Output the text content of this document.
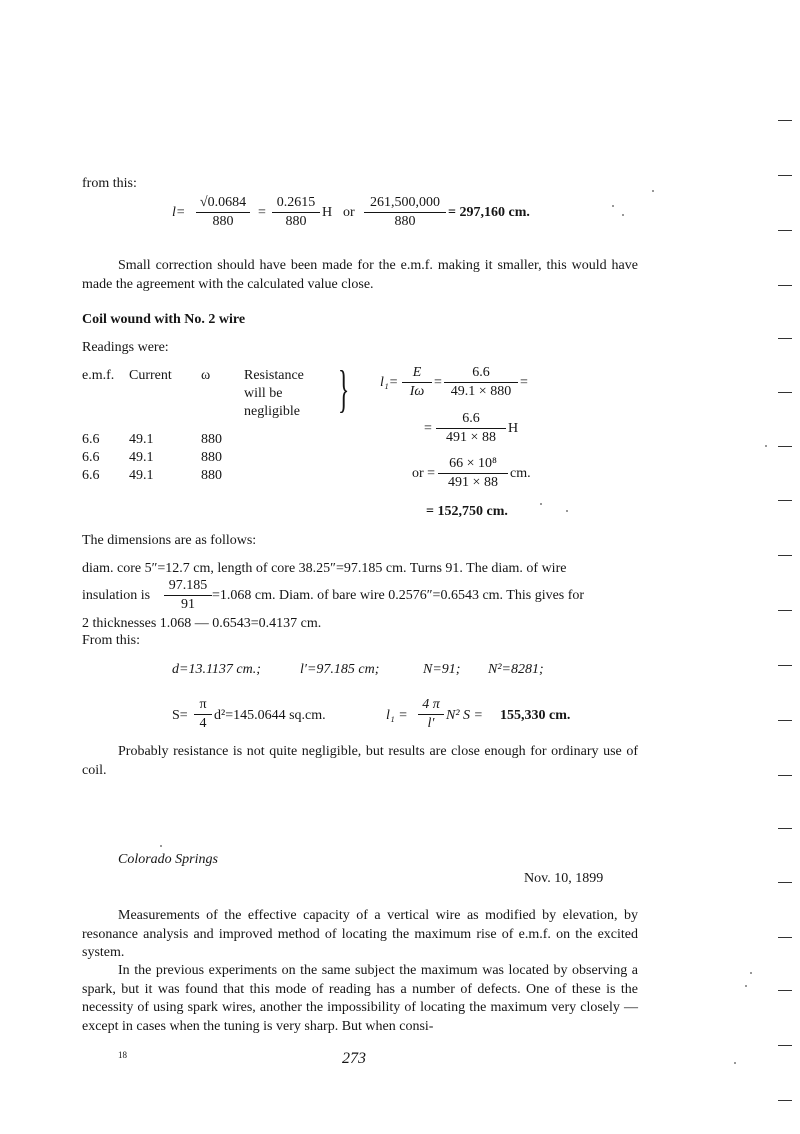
from this:
$l= \frac{√0.0684}{880} = \frac{0.2615}{880}$ H or $\frac{261,500,000}{880} = 297,160$ cm.
Small correction should have been made for the e.m.f. making it smaller, this would have made the agreement with the calculated value close.
Coil wound with No. 2 wire
Readings were:
e.m.f. Current ω Resistance
will be
negligible }
6.6 49.1	880
6.6 49.1	880
6.6 49.1	880
$l_1= \frac{E}{I\omega} = \frac{6.6}{49.1 \times 880}$ =
= $\frac{6.6}{491 \times 88}$ H
or = $\frac{\text{66 × 10⁸}}{491 \times 88}$ cm.
= 152,750 cm.
The dimensions are as follows:
diam. core 5″=12.7 cm, length of core 38.25″=97.185 cm. Turns 91. The diam. of wire
insulation is $\frac{97.185}{91} =1.068$ cm. Diam. of bare wire 0.2576″=0.6543 cm. This gives for
2 thicknesses 1.068 — 0.6543=0.4137 cm.
From this:
d=13.1137 cm.;	l′=97.185 cm;	N=91; N²=8281;
$S= \frac{\pi}{4} d^2=145.0644$ sq.cm.	$l_1 = \frac{4 \pi}{l'} N^2$ S = 155,330 cm.
Probably resistance is not quite negligible, but results are close enough for ordinary use of coil.
Colorado Springs
Nov. 10, 1899
Measurements of the effective capacity of a vertical wire as modified by elevation, by resonance analysis and improved method of locating the maximum rise of e.m.f. on the excited system.
In the previous experiments on the same subject the maximum was located by observing a spark, but it was found that this mode of reading has a number of defects. One of these is the necessity of using spark wires, another the impossibility of locating the maximum very closely — except in cases when the tuning is very sharp. But when consi-
18	273
